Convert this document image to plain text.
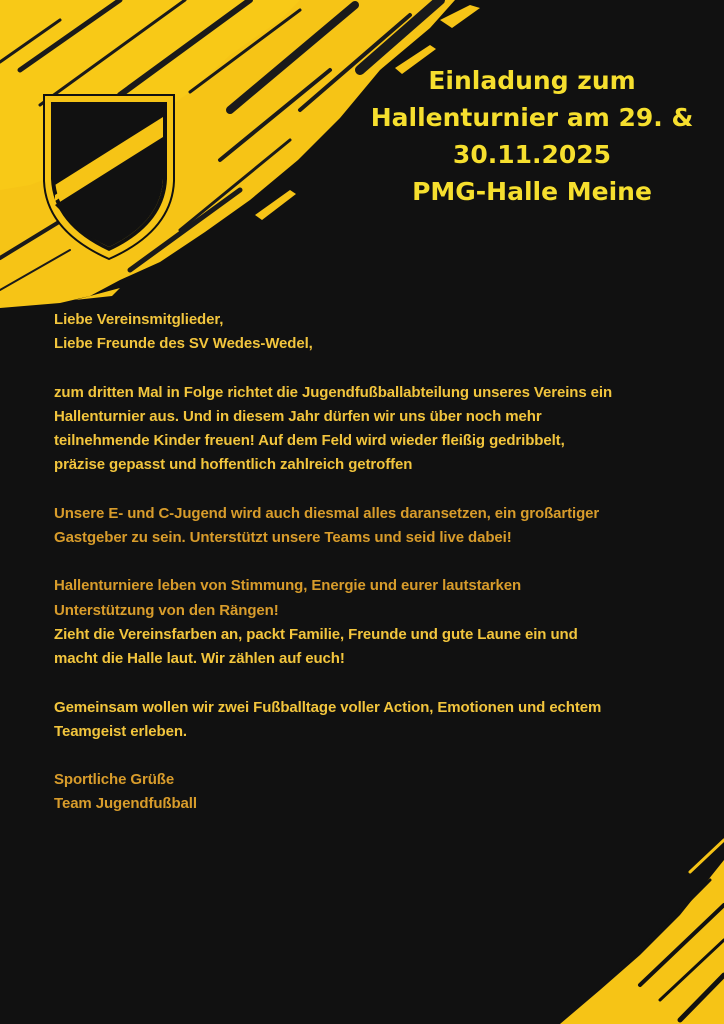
Einladung zum
Hallenturnier am 29. &
30.11.2025
PMG-Halle Meine

Liebe Vereinsmitglieder,
Liebe Freunde des SV Wedes-Wedel,

zum dritten Mal in Folge richtet die Jugendfußballabteilung unseres Vereins ein
Hallenturnier aus. Und in diesem Jahr dürfen wir uns über noch mehr
teilnehmende Kinder freuen! Auf dem Feld wird wieder fleißig gedribbelt,
präzise gepasst und hoffentlich zahlreich getroffen

Unsere E- und C-Jugend wird auch diesmal alles daransetzen, ein großartiger
Gastgeber zu sein. Unterstützt unsere Teams und seid live dabei!

Hallenturniere leben von Stimmung, Energie und eurer lautstarken
Unterstützung von den Rängen!
Zieht die Vereinsfarben an, packt Familie, Freunde und gute Laune ein und
macht die Halle laut. Wir zählen auf euch!

Gemeinsam wollen wir zwei Fußballtage voller Action, Emotionen und echtem
Teamgeist erleben.

Sportliche Grüße
Team Jugendfußball
